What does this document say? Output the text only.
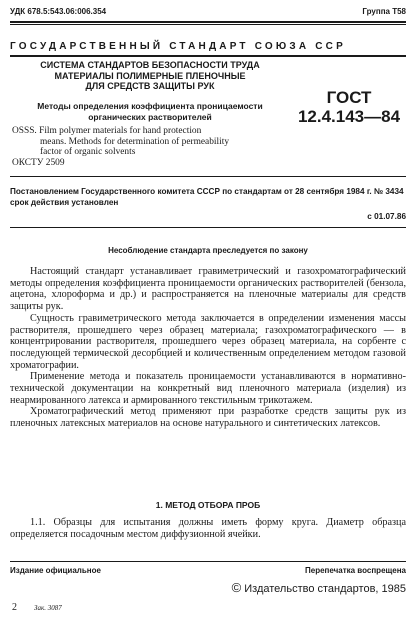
УДК 678.5:543.06:006.354	Группа Т58
ГОСУДАРСТВЕННЫЙ СТАНДАРТ СОЮЗА ССР
СИСТЕМА СТАНДАРТОВ БЕЗОПАСНОСТИ ТРУДА
МАТЕРИАЛЫ ПОЛИМЕРНЫЕ ПЛЕНОЧНЫЕ
ДЛЯ СРЕДСТВ ЗАЩИТЫ РУК
Методы определения коэффициента проницаемости
органических растворителей
ГОСТ
12.4.143—84
OSSS. Film polymer materials for hand protection
means. Methods for determination of permeability
factor of organic solvents
ОКСТУ 2509
Постановлением Государственного комитета СССР по стандартам от 28 сентября 1984 г. № 3434 срок действия установлен
с 01.07.86
Несоблюдение стандарта преследуется по закону

Настоящий стандарт устанавливает гравиметрический и газохроматографический методы определения коэффициента проницаемости органических растворителей (бензола, ацетона, хлороформа и др.) и распространяется на пленочные материалы для средств защиты рук.

Сущность гравиметрического метода заключается в определении изменения массы растворителя, прошедшего через образец материала; газохроматографического — в концентрировании растворителя, прошедшего через образец материала, на сорбенте с последующей термической десорбцией и количественным определением методом газовой хроматографии.

Применение метода и показатель проницаемости устанавливаются в нормативно-технической документации на конкретный вид пленочного материала (изделия) из неармированного латекса и армированного текстильным трикотажем.

Хроматографический метод применяют при разработке средств защиты рук из пленочных латексных материалов на основе натурального и синтетических латексов.

1. МЕТОД ОТБОРА ПРОБ

1.1. Образцы для испытания должны иметь форму круга. Диаметр образца определяется посадочным местом диффузионной ячейки.

Издание официальное	Перепечатка воспрещена
© Издательство стандартов, 1985
2 Зак. 3087
